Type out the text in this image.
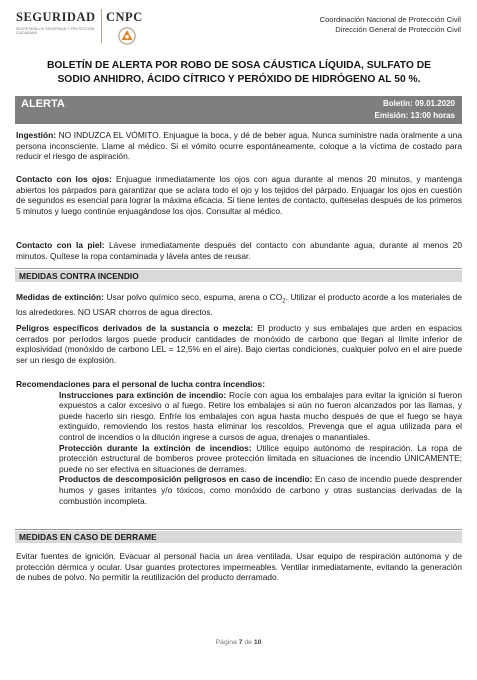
SEGURIDAD
SECRETARÍA DE SEGURIDAD Y PROTECCIÓN CIUDADANA
CNPC	Coordinación Nacional de Protección Civil
Dirección General de Protección Civil
BOLETÍN DE ALERTA POR ROBO DE SOSA CÁUSTICA LÍQUIDA, SULFATO DE
SODIO ANHIDRO, ÁCIDO CÍTRICO Y PERÓXIDO DE HIDRÓGENO AL 50 %.
ALERTA	Boletín: 09.01.2020
Emisión: 13:00 horas
Ingestión: NO INDUZCA EL VÓMITO. Enjuague la boca, y dé de beber agua. Nunca suministre nada oralmente a una persona inconsciente. Llame al médico. Si el vómito ocurre espontáneamente, coloque a la víctima de costado para reducir el riesgo de aspiración.
Contacto con los ojos: Enjuague inmediatamente los ojos con agua durante al menos 20 minutos, y mantenga abiertos los párpados para garantizar que se aclara todo el ojo y los tejidos del párpado. Enjuagar los ojos en cuestión de segundos es esencial para lograr la máxima eficacia. Si tiene lentes de contacto, quíteselas después de los primeros 5 minutos y luego continúe enjuagándose los ojos. Consultar al médico.
Contacto con la piel: Lávese inmediatamente después del contacto con abundante agua, durante al menos 20 minutos. Quítese la ropa contaminada y lávela antes de reusar.
MEDIDAS CONTRA INCENDIO
Medidas de extinción: Usar polvo químico seco, espuma, arena o $CO_2$. Utilizar el producto acorde a los materiales de los alrededores. NO USAR chorros de agua directos.
Peligros específicos derivados de la sustancia o mezcla: El producto y sus embalajes que arden en espacios cerrados por períodos largos puede producir cantidades de monóxido de carbono que llegan al límite inferior de explosividad (monóxido de carbono LEL = 12,5% en el aire). Bajo ciertas condiciones, cualquier polvo en el aire puede ser un riesgo de explosión.
Recomendaciones para el personal de lucha contra incendios:
Instrucciones para extinción de incendio: Rocíe con agua los embalajes para evitar la ignición si fueron expuestos a calor excesivo o al fuego. Retire los embalajes si aún no fueron alcanzados por las llamas, y puede hacerlo sin riesgo. Enfríe los embalajes con agua hasta mucho después de que el fuego se haya extinguido, removiendo los restos hasta eliminar los rescoldos. Prevenga que el agua utilizada para el control de incendios o la dilución ingrese a cursos de agua, drenajes o manantiales.
Protección durante la extinción de incendios: Utilice equipo autónomo de respiración. La ropa de protección estructural de bomberos provee protección limitada en situaciones de incendio ÚNICAMENTE; puede no ser efectiva en situaciones de derrames.
Productos de descomposición peligrosos en caso de incendio: En caso de incendio puede desprender humos y gases irritantes y/o tóxicos, como monóxido de carbono y otras sustancias derivadas de la combustión incompleta.
MEDIDAS EN CASO DE DERRAME
Evitar fuentes de ignición. Evacuar al personal hacia un área ventilada. Usar equipo de respiración autónoma y de protección dérmica y ocular. Usar guantes protectores impermeables. Ventilar inmediatamente, evitando la generación de nubes de polvo. No permitir la reutilización del producto derramado.
Página 7 de 10
